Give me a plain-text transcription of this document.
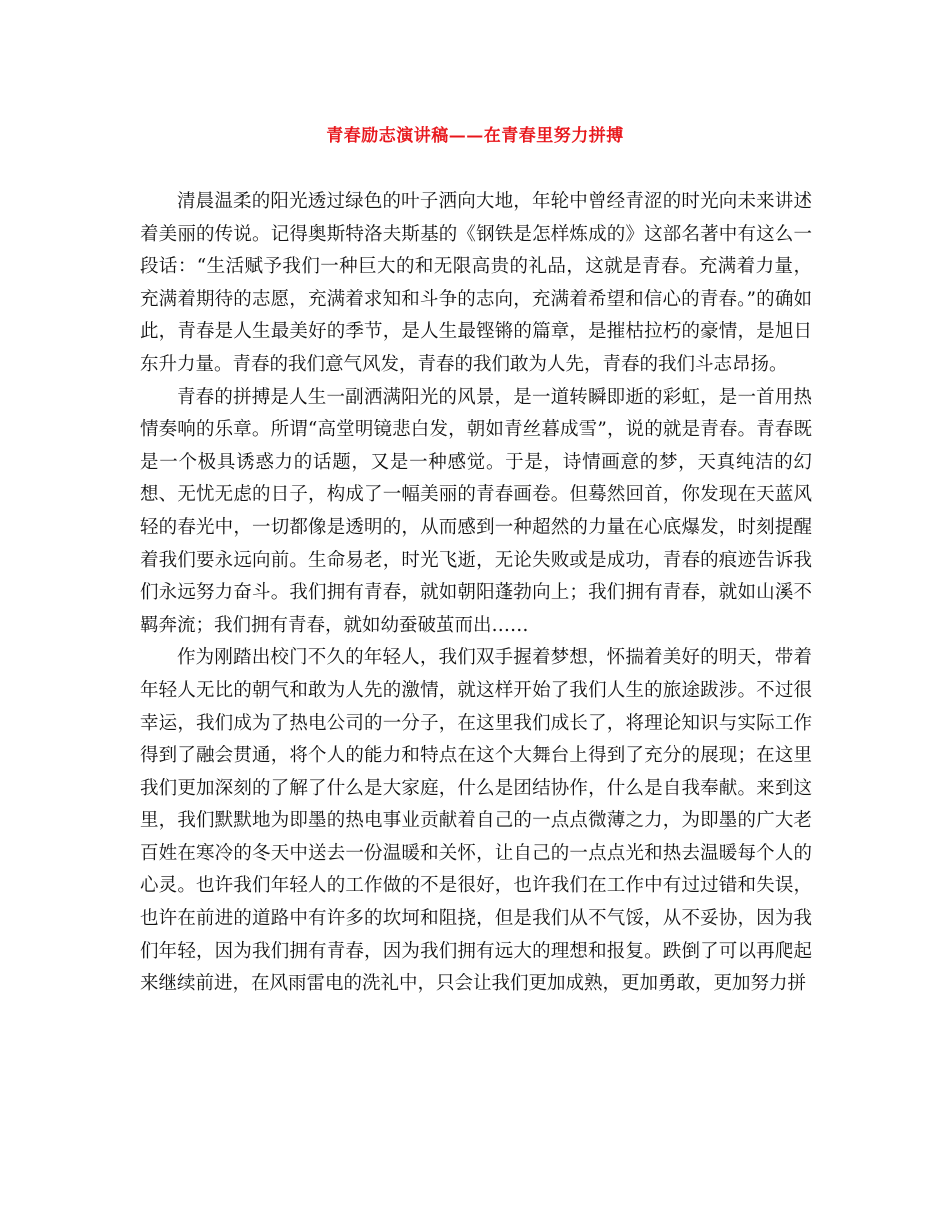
青春励志演讲稿——在青春里努力拼搏

清晨温柔的阳光透过绿色的叶子洒向大地，年轮中曾经青涩的时光向未来讲述着美丽的传说。记得奥斯特洛夫斯基的《钢铁是怎样炼成的》这部名著中有这么一段话：“生活赋予我们一种巨大的和无限高贵的礼品，这就是青春。充满着力量，充满着期待的志愿，充满着求知和斗争的志向，充满着希望和信心的青春。”的确如此，青春是人生最美好的季节，是人生最铿锵的篇章，是摧枯拉朽的豪情，是旭日东升力量。青春的我们意气风发，青春的我们敢为人先，青春的我们斗志昂扬。

青春的拼搏是人生一副洒满阳光的风景，是一道转瞬即逝的彩虹，是一首用热情奏响的乐章。所谓“高堂明镜悲白发，朝如青丝暮成雪”，说的就是青春。青春既是一个极具诱惑力的话题，又是一种感觉。于是，诗情画意的梦，天真纯洁的幻想、无忧无虑的日子，构成了一幅美丽的青春画卷。但蓦然回首，你发现在天蓝风轻的春光中，一切都像是透明的，从而感到一种超然的力量在心底爆发，时刻提醒着我们要永远向前。生命易老，时光飞逝，无论失败或是成功，青春的痕迹告诉我们永远努力奋斗。我们拥有青春，就如朝阳蓬勃向上；我们拥有青春，就如山溪不羁奔流；我们拥有青春，就如幼蚕破茧而出……

作为刚踏出校门不久的年轻人，我们双手握着梦想，怀揣着美好的明天，带着年轻人无比的朝气和敢为人先的激情，就这样开始了我们人生的旅途跋涉。不过很幸运，我们成为了热电公司的一分子，在这里我们成长了，将理论知识与实际工作得到了融会贯通，将个人的能力和特点在这个大舞台上得到了充分的展现；在这里我们更加深刻的了解了什么是大家庭，什么是团结协作，什么是自我奉献。来到这里，我们默默地为即墨的热电事业贡献着自己的一点点微薄之力，为即墨的广大老百姓在寒冷的冬天中送去一份温暖和关怀，让自己的一点点光和热去温暖每个人的心灵。也许我们年轻人的工作做的不是很好，也许我们在工作中有过过错和失误，也许在前进的道路中有许多的坎坷和阻挠，但是我们从不气馁，从不妥协，因为我们年轻，因为我们拥有青春，因为我们拥有远大的理想和报复。跌倒了可以再爬起来继续前进，在风雨雷电的洗礼中，只会让我们更加成熟，更加勇敢，更加努力拼
